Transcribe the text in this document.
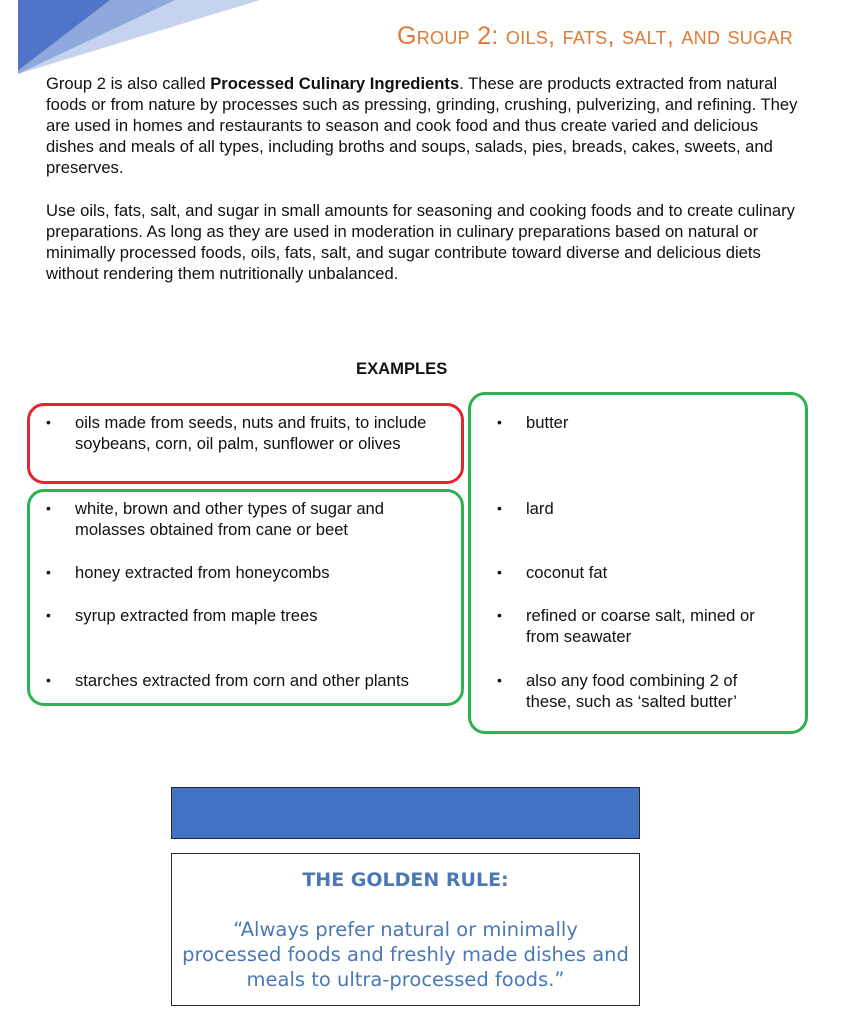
Group 2: oils, fats, salt, and sugar

Group 2 is also called Processed Culinary Ingredients. These are products extracted from natural foods or from nature by processes such as pressing, grinding, crushing, pulverizing, and refining. They are used in homes and restaurants to season and cook food and thus create varied and delicious dishes and meals of all types, including broths and soups, salads, pies, breads, cakes, sweets, and preserves.

Use oils, fats, salt, and sugar in small amounts for seasoning and cooking foods and to create culinary preparations. As long as they are used in moderation in culinary preparations based on natural or minimally processed foods, oils, fats, salt, and sugar contribute toward diverse and delicious diets without rendering them nutritionally unbalanced.

EXAMPLES
• oils made from seeds, nuts and fruits, to include soybeans, corn, oil palm, sunflower or olives
• white, brown and other types of sugar and molasses obtained from cane or beet
• honey extracted from honeycombs
• syrup extracted from maple trees
• starches extracted from corn and other plants
• butter
• lard
• coconut fat
• refined or coarse salt, mined or from seawater
• also any food combining 2 of these, such as ‘salted butter’
THE GOLDEN RULE:
“Always prefer natural or minimally processed foods and freshly made dishes and meals to ultra-processed foods.”
